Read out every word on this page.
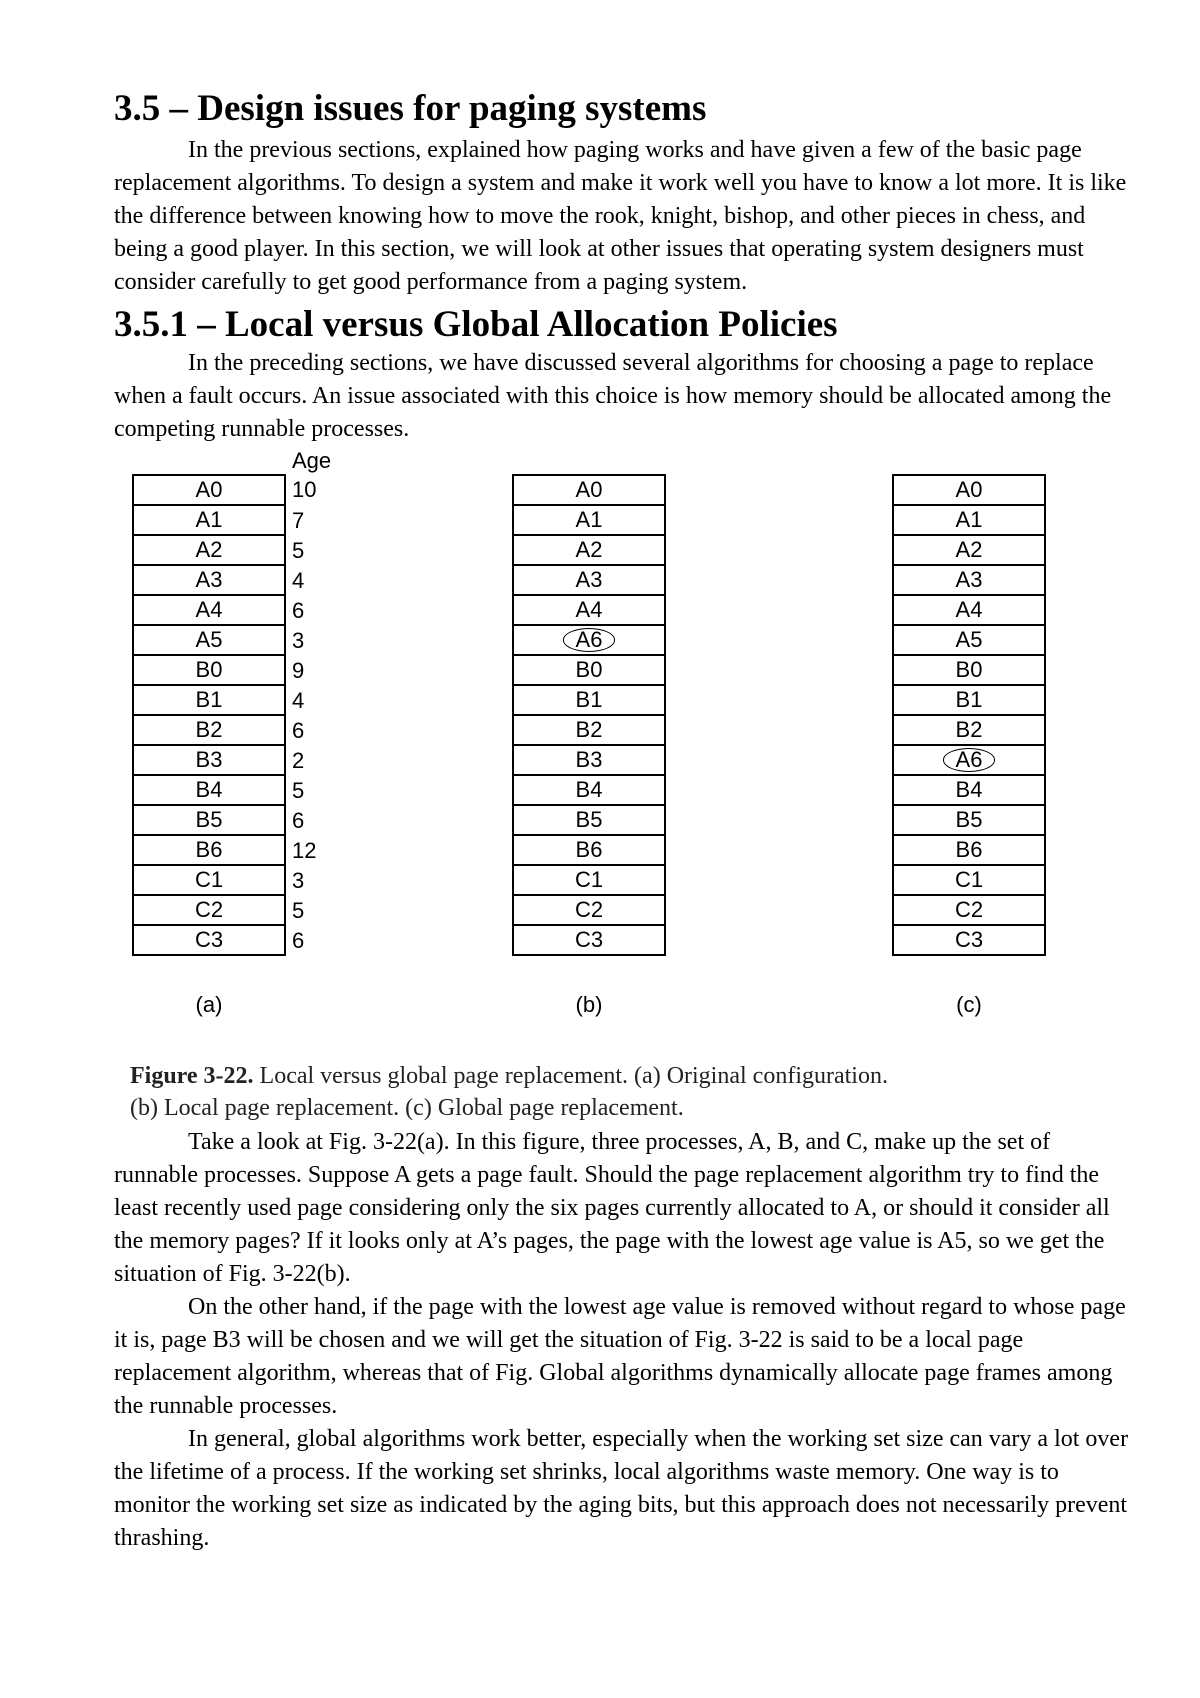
3.5 – Design issues for paging systems

In the previous sections, explained how paging works and have given a few of the basic page replacement algorithms. To design a system and make it work well you have to know a lot more. It is like the difference between knowing how to move the rook, knight, bishop, and other pieces in chess, and being a good player. In this section, we will look at other issues that operating system designers must consider carefully to get good performance from a paging system.

3.5.1 – Local versus Global Allocation Policies

In the preceding sections, we have discussed several algorithms for choosing a page to replace when a fault occurs. An issue associated with this choice is how memory should be allocated among the competing runnable processes.

Age
A0
A1
A2
A3
A4
A5
B0
B1
B2
B3
B4
B5
B6
C1
C2
C3
10
7
5
4
6
3
9
4
6
2
5
6
12
3
5
6
A0
A1
A2
A3
A4
A6
B0
B1
B2
B3
B4
B5
B6
C1
C2
C3
A0
A1
A2
A3
A4
A5
B0
B1
B2
A6
B4
B5
B6
C1
C2
C3
(a)	(b)	(c)
Figure 3-22. Local versus global page replacement. (a) Original configuration.
(b) Local page replacement. (c) Global page replacement.

Take a look at Fig. 3-22(a). In this figure, three processes, A, B, and C, make up the set of runnable processes. Suppose A gets a page fault. Should the page replacement algorithm try to find the least recently used page considering only the six pages currently allocated to A, or should it consider all the memory pages? If it looks only at A’s pages, the page with the lowest age value is A5, so we get the situation of Fig. 3-22(b).

On the other hand, if the page with the lowest age value is removed without regard to whose page it is, page B3 will be chosen and we will get the situation of Fig. 3-22 is said to be a local page replacement algorithm, whereas that of Fig. Global algorithms dynamically allocate page frames among the runnable processes.

In general, global algorithms work better, especially when the working set size can vary a lot over the lifetime of a process. If the working set shrinks, local algorithms waste memory. One way is to monitor the working set size as indicated by the aging bits, but this approach does not necessarily prevent thrashing.
